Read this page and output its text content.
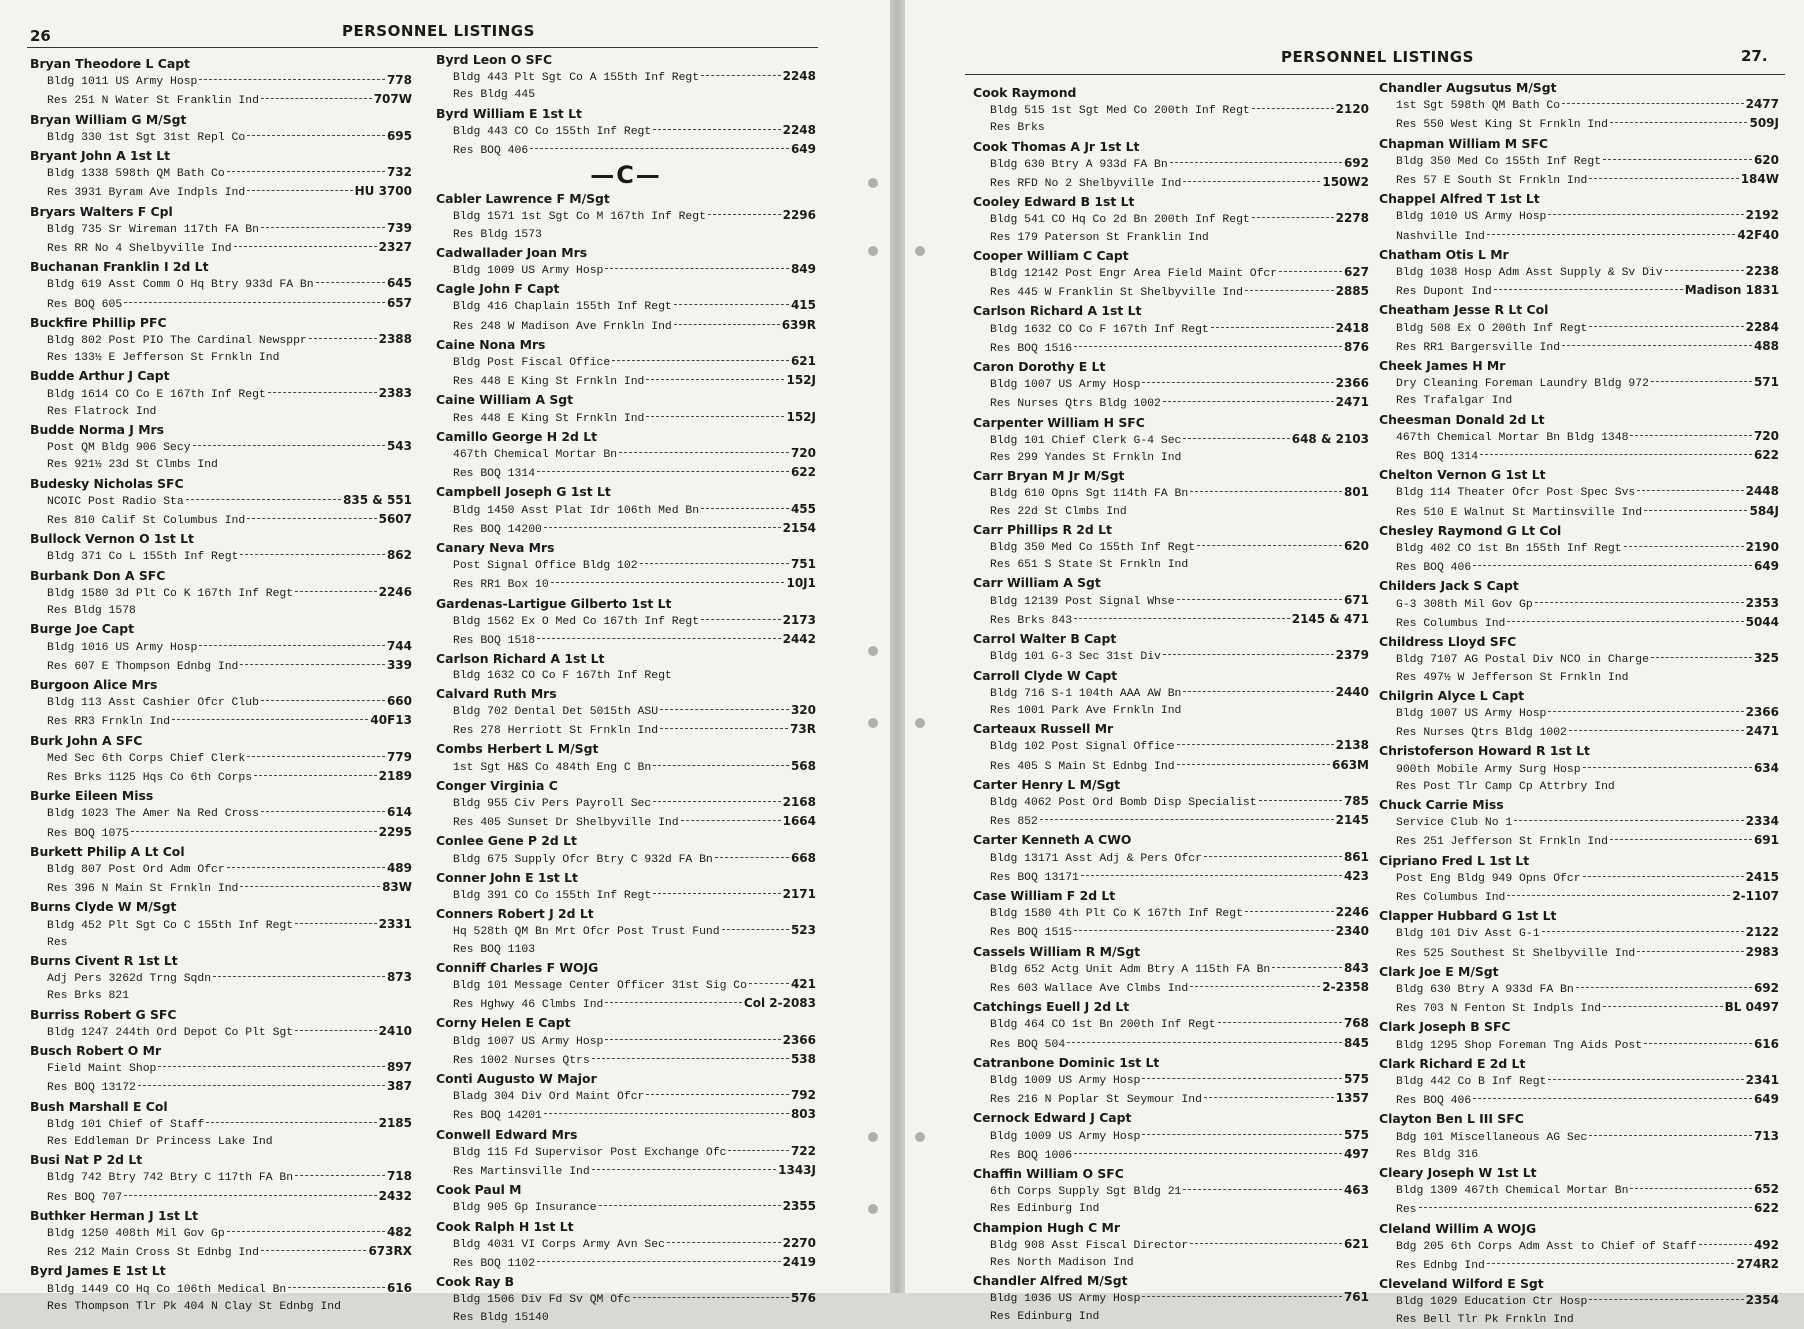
26	PERSONNEL LISTINGS
Bryan Theodore L Capt
Bldg 1011 US Army Hosp	778
Res 251 N Water St Franklin Ind	707W
Bryan William G M/Sgt
Bldg 330 1st Sgt 31st Repl Co	695
Bryant John A 1st Lt
Bldg 1338 598th QM Bath Co	732
Res 3931 Byram Ave Indpls Ind	HU 3700
Bryars Walters F Cpl
Bldg 735 Sr Wireman 117th FA Bn	739
Res RR No 4 Shelbyville Ind	2327
Buchanan Franklin I 2d Lt
Bldg 619 Asst Comm O Hq Btry 933d FA Bn	645
Res BOQ 605	657
Buckfire Phillip PFC
Bldg 802 Post PIO The Cardinal Newsppr	2388
Res 133½ E Jefferson St Frnkln Ind
Budde Arthur J Capt
Bldg 1614 CO Co E 167th Inf Regt	2383
Res Flatrock Ind
Budde Norma J Mrs
Post QM Bldg 906 Secy	543
Res 921½ 23d St Clmbs Ind
Budesky Nicholas SFC
NCOIC Post Radio Sta	835 & 551
Res 810 Calif St Columbus Ind	5607
Bullock Vernon O 1st Lt
Bldg 371 Co L 155th Inf Regt	862
Burbank Don A SFC
Bldg 1580 3d Plt Co K 167th Inf Regt	2246
Res Bldg 1578
Burge Joe Capt
Bldg 1016 US Army Hosp	744
Res 607 E Thompson Ednbg Ind	339
Burgoon Alice Mrs
Bldg 113 Asst Cashier Ofcr Club	660
Res RR3 Frnkln Ind	40F13
Burk John A SFC
Med Sec 6th Corps Chief Clerk	779
Res Brks 1125 Hqs Co 6th Corps	2189
Burke Eileen Miss
Bldg 1023 The Amer Na Red Cross	614
Res BOQ 1075	2295
Burkett Philip A Lt Col
Bldg 807 Post Ord Adm Ofcr	489
Res 396 N Main St Frnkln Ind	83W
Burns Clyde W M/Sgt
Bldg 452 Plt Sgt Co C 155th Inf Regt	2331
Res
Burns Civent R 1st Lt
Adj Pers 3262d Trng Sqdn	873
Res Brks 821
Burriss Robert G SFC
Bldg 1247 244th Ord Depot Co Plt Sgt	2410
Busch Robert O Mr
Field Maint Shop	897
Res BOQ 13172	387
Bush Marshall E Col
Bldg 101 Chief of Staff	2185
Res Eddleman Dr Princess Lake Ind
Busi Nat P 2d Lt
Bldg 742 Btry 742 Btry C 117th FA Bn	718
Res BOQ 707	2432
Buthker Herman J 1st Lt
Bldg 1250 408th Mil Gov Gp	482
Res 212 Main Cross St Ednbg Ind	673RX
Byrd James E 1st Lt
Bldg 1449 CO Hq Co 106th Medical Bn	616
Res Thompson Tlr Pk 404 N Clay St Ednbg Ind
Byrd Leon O SFC
Bldg 443 Plt Sgt Co A 155th Inf Regt	2248
Res Bldg 445
Byrd William E 1st Lt
Bldg 443 CO Co 155th Inf Regt	2248
Res BOQ 406	649
—C—
Cabler Lawrence F M/Sgt
Bldg 1571 1st Sgt Co M 167th Inf Regt	2296
Res Bldg 1573
Cadwallader Joan Mrs
Bldg 1009 US Army Hosp	849
Cagle John F Capt
Bldg 416 Chaplain 155th Inf Regt	415
Res 248 W Madison Ave Frnkln Ind	639R
Caine Nona Mrs
Bldg Post Fiscal Office	621
Res 448 E King St Frnkln Ind	152J
Caine William A Sgt
Res 448 E King St Frnkln Ind	152J
Camillo George H 2d Lt
467th Chemical Mortar Bn	720
Res BOQ 1314	622
Campbell Joseph G 1st Lt
Bldg 1450 Asst Plat Idr 106th Med Bn	455
Res BOQ 14200	2154
Canary Neva Mrs
Post Signal Office Bldg 102	751
Res RR1 Box 10	10J1
Gardenas-Lartigue Gilberto 1st Lt
Bldg 1562 Ex O Med Co 167th Inf Regt	2173
Res BOQ 1518	2442
Carlson Richard A 1st Lt
Bldg 1632 CO Co F 167th Inf Regt
Calvard Ruth Mrs
Bldg 702 Dental Det 5015th ASU	320
Res 278 Herriott St Frnkln Ind	73R
Combs Herbert L M/Sgt
1st Sgt H&S Co 484th Eng C Bn	568
Conger Virginia C
Bldg 955 Civ Pers Payroll Sec	2168
Res 405 Sunset Dr Shelbyville Ind	1664
Conlee Gene P 2d Lt
Bldg 675 Supply Ofcr Btry C 932d FA Bn	668
Conner John E 1st Lt
Bldg 391 CO Co 155th Inf Regt	2171
Conners Robert J 2d Lt
Hq 528th QM Bn Mrt Ofcr Post Trust Fund	523
Res BOQ 1103
Conniff Charles F WOJG
Bldg 101 Message Center Officer 31st Sig Co	421
Res Hghwy 46 Clmbs Ind	Col 2-2083
Corny Helen E Capt
Bldg 1007 US Army Hosp	2366
Res 1002 Nurses Qtrs	538
Conti Augusto W Major
Bladg 304 Div Ord Maint Ofcr	792
Res BOQ 14201	803
Conwell Edward Mrs
Bldg 115 Fd Supervisor Post Exchange Ofc	722
Res Martinsville Ind	1343J
Cook Paul M
Bldg 905 Gp Insurance	2355
Cook Ralph H 1st Lt
Bldg 4031 VI Corps Army Avn Sec	2270
Res BOQ 1102	2419
Cook Ray B
Bldg 1506 Div Fd Sv QM Ofc	576
Res Bldg 15140
PERSONNEL LISTINGS	27.
Cook Raymond
Bldg 515 1st Sgt Med Co 200th Inf Regt	2120
Res Brks
Cook Thomas A Jr 1st Lt
Bldg 630 Btry A 933d FA Bn	692
Res RFD No 2 Shelbyville Ind	150W2
Cooley Edward B 1st Lt
Bldg 541 CO Hq Co 2d Bn 200th Inf Regt	2278
Res 179 Paterson St Franklin Ind
Cooper William C Capt
Bldg 12142 Post Engr Area Field Maint Ofcr	627
Res 445 W Franklin St Shelbyville Ind	2885
Carlson Richard A 1st Lt
Bldg 1632 CO Co F 167th Inf Regt	2418
Res BOQ 1516	876
Caron Dorothy E Lt
Bldg 1007 US Army Hosp	2366
Res Nurses Qtrs Bldg 1002	2471
Carpenter William H SFC
Bldg 101 Chief Clerk G-4 Sec	648 & 2103
Res 299 Yandes St Frnkln Ind
Carr Bryan M Jr M/Sgt
Bldg 610 Opns Sgt 114th FA Bn	801
Res 22d St Clmbs Ind
Carr Phillips R 2d Lt
Bldg 350 Med Co 155th Inf Regt	620
Res 651 S State St Frnkln Ind
Carr William A Sgt
Bldg 12139 Post Signal Whse	671
Res Brks 843	2145 & 471
Carrol Walter B Capt
Bldg 101 G-3 Sec 31st Div	2379
Carroll Clyde W Capt
Bldg 716 S-1 104th AAA AW Bn	2440
Res 1001 Park Ave Frnkln Ind
Carteaux Russell Mr
Bldg 102 Post Signal Office	2138
Res 405 S Main St Ednbg Ind	663M
Carter Henry L M/Sgt
Bldg 4062 Post Ord Bomb Disp Specialist	785
Res 852	2145
Carter Kenneth A CWO
Bldg 13171 Asst Adj & Pers Ofcr	861
Res BOQ 13171	423
Case William F 2d Lt
Bldg 1580 4th Plt Co K 167th Inf Regt	2246
Res BOQ 1515	2340
Cassels William R M/Sgt
Bldg 652 Actg Unit Adm Btry A 115th FA Bn	843
Res 603 Wallace Ave Clmbs Ind	2-2358
Catchings Euell J 2d Lt
Bldg 464 CO 1st Bn 200th Inf Regt	768
Res BOQ 504	845
Catranbone Dominic 1st Lt
Bldg 1009 US Army Hosp	575
Res 216 N Poplar St Seymour Ind	1357
Cernock Edward J Capt
Bldg 1009 US Army Hosp	575
Res BOQ 1006	497
Chaffin William O SFC
6th Corps Supply Sgt Bldg 21	463
Res Edinburg Ind
Champion Hugh C Mr
Bldg 908 Asst Fiscal Director	621
Res North Madison Ind
Chandler Alfred M/Sgt
Bldg 1036 US Army Hosp	761
Res Edinburg Ind
Chandler Augsutus M/Sgt
1st Sgt 598th QM Bath Co	2477
Res 550 West King St Frnkln Ind	509J
Chapman William M SFC
Bldg 350 Med Co 155th Inf Regt	620
Res 57 E South St Frnkln Ind	184W
Chappel Alfred T 1st Lt
Bldg 1010 US Army Hosp	2192
Nashville Ind	42F40
Chatham Otis L Mr
Bldg 1038 Hosp Adm Asst Supply & Sv Div	2238
Res Dupont Ind	Madison 1831
Cheatham Jesse R Lt Col
Bldg 508 Ex O 200th Inf Regt	2284
Res RR1 Bargersville Ind	488
Cheek James H Mr
Dry Cleaning Foreman Laundry Bldg 972	571
Res Trafalgar Ind
Cheesman Donald 2d Lt
467th Chemical Mortar Bn Bldg 1348	720
Res BOQ 1314	622
Chelton Vernon G 1st Lt
Bldg 114 Theater Ofcr Post Spec Svs	2448
Res 510 E Walnut St Martinsville Ind	584J
Chesley Raymond G Lt Col
Bldg 402 CO 1st Bn 155th Inf Regt	2190
Res BOQ 406	649
Childers Jack S Capt
G-3 308th Mil Gov Gp	2353
Res Columbus Ind	5044
Childress Lloyd SFC
Bldg 7107 AG Postal Div NCO in Charge	325
Res 497½ W Jefferson St Frnkln Ind
Chilgrin Alyce L Capt
Bldg 1007 US Army Hosp	2366
Res Nurses Qtrs Bldg 1002	2471
Christoferson Howard R 1st Lt
900th Mobile Army Surg Hosp	634
Res Post Tlr Camp Cp Attrbry Ind
Chuck Carrie Miss
Service Club No 1	2334
Res 251 Jefferson St Frnkln Ind	691
Cipriano Fred L 1st Lt
Post Eng Bldg 949 Opns Ofcr	2415
Res Columbus Ind	2-1107
Clapper Hubbard G 1st Lt
Bldg 101 Div Asst G-1	2122
Res 525 Southest St Shelbyville Ind	2983
Clark Joe E M/Sgt
Bldg 630 Btry A 933d FA Bn	692
Res 703 N Fenton St Indpls Ind	BL 0497
Clark Joseph B SFC
Bldg 1295 Shop Foreman Tng Aids Post	616
Clark Richard E 2d Lt
Bldg 442 Co B Inf Regt	2341
Res BOQ 406	649
Clayton Ben L III SFC
Bdg 101 Miscellaneous AG Sec	713
Res Bldg 316
Cleary Joseph W 1st Lt
Bldg 1309 467th Chemical Mortar Bn	652
Res	622
Cleland Willim A WOJG
Bdg 205 6th Corps Adm Asst to Chief of Staff	492
Res Ednbg Ind	274R2
Cleveland Wilford E Sgt
Bldg 1029 Education Ctr Hosp	2354
Res Bell Tlr Pk Frnkln Ind
